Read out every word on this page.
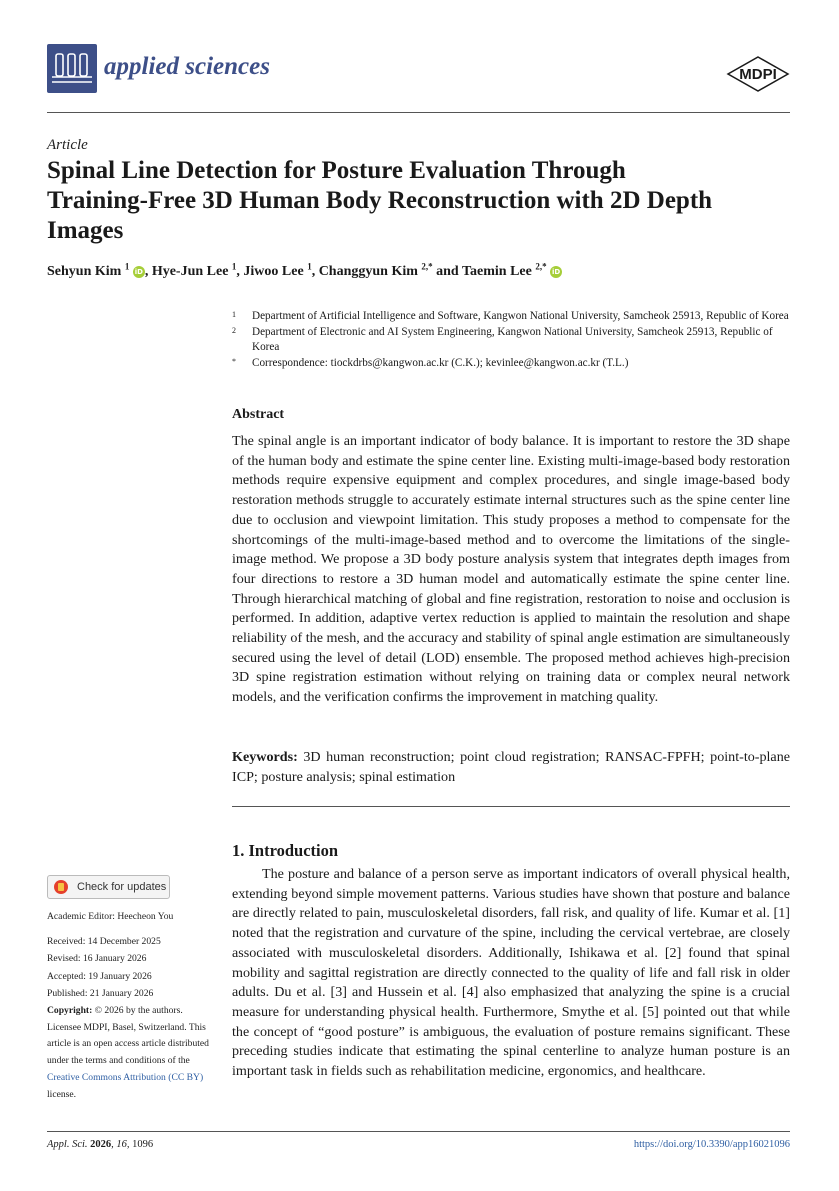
applied sciences	MDPI
Article
Spinal Line Detection for Posture Evaluation Through Training-Free 3D Human Body Reconstruction with 2D Depth Images
Sehyun Kim $^1$ iD , Hye-Jun Lee $^1$, Jiwoo Lee $^1$, Changgyun Kim $^{2,*}$ and Taemin Lee $^{2,*}$ iD
1 Department of Artificial Intelligence and Software, Kangwon National University, Samcheok 25913, Republic of Korea
2 Department of Electronic and AI System Engineering, Kangwon National University, Samcheok 25913, Republic of Korea
* Correspondence: tiockdrbs@kangwon.ac.kr (C.K.); kevinlee@kangwon.ac.kr (T.L.)
Abstract
The spinal angle is an important indicator of body balance. It is important to restore the 3D shape of the human body and estimate the spine center line. Existing multi-image-based body restoration methods require expensive equipment and complex procedures, and single image-based body restoration methods struggle to accurately estimate internal structures such as the spine center line due to occlusion and viewpoint limitation. This study proposes a method to compensate for the shortcomings of the multi-image-based method and to overcome the limitations of the single-image method. We propose a 3D body posture analysis system that integrates depth images from four directions to restore a 3D human model and automatically estimate the spine center line. Through hierarchical matching of global and fine registration, restoration to noise and occlusion is performed. In addition, adaptive vertex reduction is applied to maintain the resolution and shape reliability of the mesh, and the accuracy and stability of spinal angle estimation are simultaneously secured using the level of detail (LOD) ensemble. The proposed method achieves high-precision 3D spine registration estimation without relying on training data or complex neural network models, and the verification confirms the improvement in matching quality.
Keywords: 3D human reconstruction; point cloud registration; RANSAC-FPFH; point-to-plane ICP; posture analysis; spinal estimation
1. Introduction
The posture and balance of a person serve as important indicators of overall physical health, extending beyond simple movement patterns. Various studies have shown that posture and balance are directly related to pain, musculoskeletal disorders, fall risk, and quality of life. Kumar et al. [1] noted that the registration and curvature of the spine, including the cervical vertebrae, are closely associated with musculoskeletal disorders. Additionally, Ishikawa et al. [2] found that spinal mobility and sagittal registration are directly connected to the quality of life and fall risk in older adults. Du et al. [3] and Hussein et al. [4] also emphasized that analyzing the spine is a crucial measure for understanding physical health. Furthermore, Smythe et al. [5] pointed out that while the concept of “good posture” is ambiguous, the evaluation of posture remains significant. These preceding studies indicate that estimating the spinal centerline to analyze human posture is an important task in fields such as rehabilitation medicine, ergonomics, and healthcare.
Check for updates
Academic Editor: Heecheon You
Received: 14 December 2025
Revised: 16 January 2026
Accepted: 19 January 2026
Published: 21 January 2026
Copyright: © 2026 by the authors. Licensee MDPI, Basel, Switzerland. This article is an open access article distributed under the terms and conditions of the Creative Commons Attribution (CC BY) license.
Appl. Sci. 2026, 16, 1096	https://doi.org/10.3390/app16021096
